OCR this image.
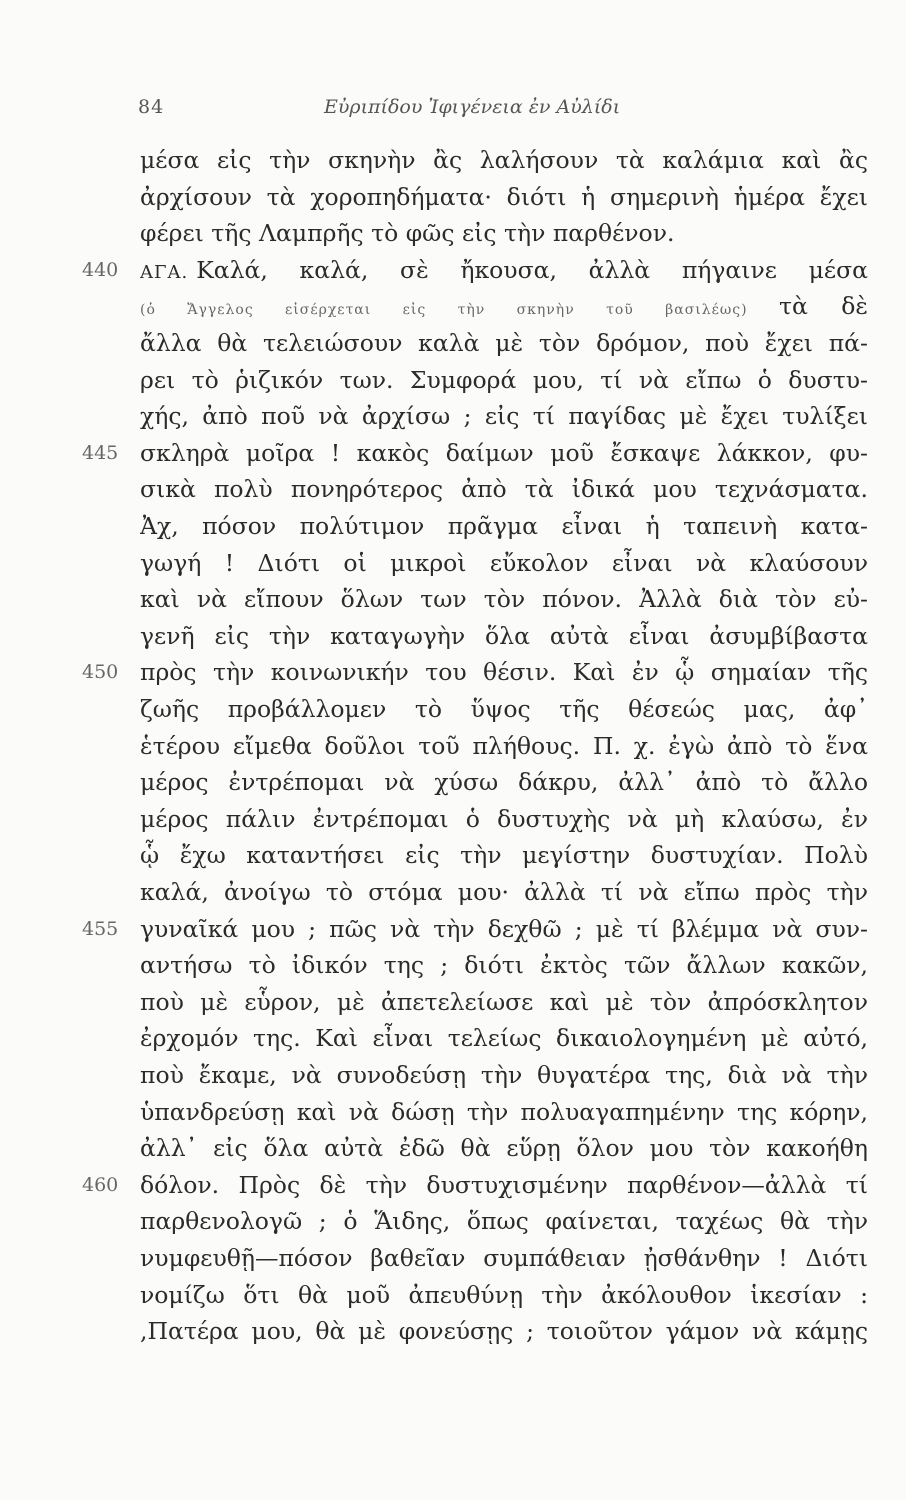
84	Εὐριπίδου Ἰφιγένεια ἐν Αὐλίδι
μέσα εἰς τὴν σκηνὴν ἂς λαλήσουν τὰ καλάμια καὶ ἂς
ἀρχίσουν τὰ χοροπηδήματα· διότι ἡ σημερινὴ ἡμέρα ἔχει
φέρει τῆς Λαμπρῆς τὸ φῶς εἰς τὴν παρθένον.
ΑΓΑ. Καλά, καλά, σὲ ἤκουσα, ἀλλὰ πήγαινε μέσα
440
(ὁ Ἄγγελος εἰσέρχεται εἰς τὴν σκηνὴν τοῦ βασιλέως) τὰ δὲ
ἄλλα θὰ τελειώσουν καλὰ μὲ τὸν δρόμον, ποὺ ἔχει πά-
ρει τὸ ῥιζικόν των. Συμφορά μου, τί νὰ εἴπω ὁ δυστυ-
χής, ἀπὸ ποῦ νὰ ἀρχίσω ; εἰς τί παγίδας μὲ ἔχει τυλίξει
σκληρὰ μοῖρα ! κακὸς δαίμων μοῦ ἔσκαψε λάκκον, φυ-
445
σικὰ πολὺ πονηρότερος ἀπὸ τὰ ἰδικά μου τεχνάσματα.
Ἀχ, πόσον πολύτιμον πρᾶγμα εἶναι ἡ ταπεινὴ κατα-
γωγή ! Διότι οἱ μικροὶ εὔκολον εἶναι νὰ κλαύσουν
καὶ νὰ εἴπουν ὅλων των τὸν πόνον. Ἀλλὰ διὰ τὸν εὐ-
γενῆ εἰς τὴν καταγωγὴν ὅλα αὐτὰ εἶναι ἀσυμβίβαστα
πρὸς τὴν κοινωνικήν του θέσιν. Καὶ ἐν ᾧ σημαίαν τῆς
450
ζωῆς προβάλλομεν τὸ ὕψος τῆς θέσεώς μας, ἀφ᾽
ἑτέρου εἴμεθα δοῦλοι τοῦ πλήθους. Π. χ. ἐγὼ ἀπὸ τὸ ἕνα
μέρος ἐντρέπομαι νὰ χύσω δάκρυ, ἀλλ᾽ ἀπὸ τὸ ἄλλο
μέρος πάλιν ἐντρέπομαι ὁ δυστυχὴς νὰ μὴ κλαύσω, ἐν
ᾧ ἔχω καταντήσει εἰς τὴν μεγίστην δυστυχίαν. Πολὺ
καλά, ἀνοίγω τὸ στόμα μου· ἀλλὰ τί νὰ εἴπω πρὸς τὴν
γυναῖκά μου ; πῶς νὰ τὴν δεχθῶ ; μὲ τί βλέμμα νὰ συν-
455
αντήσω τὸ ἰδικόν της ; διότι ἐκτὸς τῶν ἄλλων κακῶν,
ποὺ μὲ εὗρον, μὲ ἀπετελείωσε καὶ μὲ τὸν ἀπρόσκλητον
ἐρχομόν της. Καὶ εἶναι τελείως δικαιολογημένη μὲ αὐτό,
ποὺ ἔκαμε, νὰ συνοδεύσῃ τὴν θυγατέρα της, διὰ νὰ τὴν
ὑπανδρεύσῃ καὶ νὰ δώσῃ τὴν πολυαγαπημένην της κόρην,
ἀλλ᾽ εἰς ὅλα αὐτὰ ἐδῶ θὰ εὕρῃ ὅλον μου τὸν κακοήθη
δόλον. Πρὸς δὲ τὴν δυστυχισμένην παρθένον—ἀλλὰ τί
460
παρθενολογῶ ; ὁ Ἅιδης, ὅπως φαίνεται, ταχέως θὰ τὴν
νυμφευθῇ—πόσον βαθεῖαν συμπάθειαν ᾐσθάνθην ! Διότι
νομίζω ὅτι θὰ μοῦ ἀπευθύνῃ τὴν ἀκόλουθον ἱκεσίαν :
,Πατέρα μου, θὰ μὲ φονεύσῃς ; τοιοῦτον γάμον νὰ κάμῃς
